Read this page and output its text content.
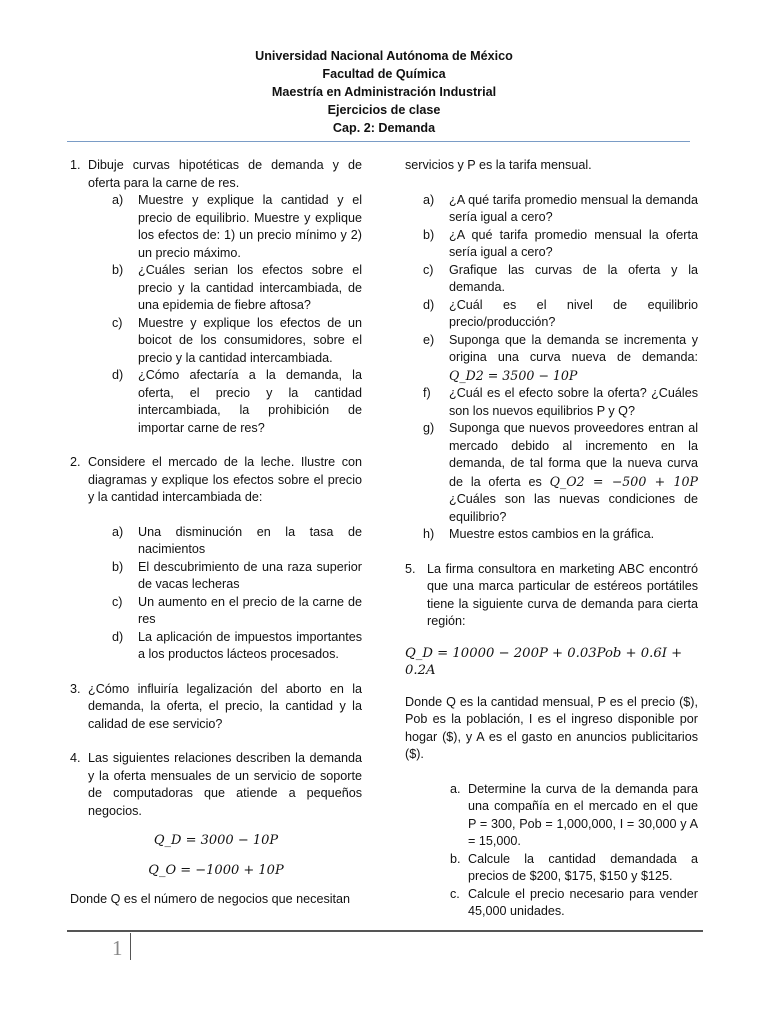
Universidad Nacional Autónoma de México
Facultad de Química
Maestría en Administración Industrial
Ejercicios de clase
Cap. 2: Demanda
1. Dibuje curvas hipotéticas de demanda y de oferta para la carne de res.
a)	Muestre y explique la cantidad y el precio de equilibrio. Muestre y explique los efectos de: 1) un precio mínimo y 2) un precio máximo.
b)	¿Cuáles serian los efectos sobre el precio y la cantidad intercambiada, de una epidemia de fiebre aftosa?
c)	Muestre y explique los efectos de un boicot de los consumidores, sobre el precio y la cantidad intercambiada.
d)	¿Cómo afectaría a la demanda, la oferta, el precio y la cantidad intercambiada, la prohibición de importar carne de res?
2. Considere el mercado de la leche. Ilustre con diagramas y explique los efectos sobre el precio y la cantidad intercambiada de:
a)	Una disminución en la tasa de nacimientos
b)	El descubrimiento de una raza superior de vacas lecheras
c)	Un aumento en el precio de la carne de res
d)	La aplicación de impuestos importantes a los productos lácteos procesados.
3. ¿Cómo influiría legalización del aborto en la demanda, la oferta, el precio, la cantidad y la calidad de ese servicio?
4. Las siguientes relaciones describen la demanda y la oferta mensuales de un servicio de soporte de computadoras que atiende a pequeños negocios.
Q_D = 3000 − 10P
Q_O = −1000 + 10P
Donde Q es el número de negocios que necesitan
servicios y P es la tarifa mensual.
a)	¿A qué tarifa promedio mensual la demanda sería igual a cero?
b)	¿A qué tarifa promedio mensual la oferta sería igual a cero?
c)	Grafique las curvas de la oferta y la demanda.
d)	¿Cuál es el nivel de equilibrio precio/producción?
e)	Suponga que la demanda se incrementa y origina una curva nueva de demanda: Q_D2 = 3500 − 10P
f)	¿Cuál es el efecto sobre la oferta? ¿Cuáles son los nuevos equilibrios P y Q?
g)	Suponga que nuevos proveedores entran al mercado debido al incremento en la demanda, de tal forma que la nueva curva de la oferta es Q_O2 = −500 + 10P ¿Cuáles son las nuevas condiciones de equilibrio?
h)	Muestre estos cambios en la gráfica.
5. La firma consultora en marketing ABC encontró que una marca particular de estéreos portátiles tiene la siguiente curva de demanda para cierta región:
Q_D = 10000 − 200P + 0.03Pob + 0.6I + 0.2A
Donde Q es la cantidad mensual, P es el precio ($), Pob es la población, I es el ingreso disponible por hogar ($), y A es el gasto en anuncios publicitarios ($).
a. Determine la curva de la demanda para una compañía en el mercado en el que P = 300, Pob = 1,000,000, I = 30,000 y A = 15,000.
b. Calcule la cantidad demandada a precios de $200, $175, $150 y $125.
c. Calcule el precio necesario para vender 45,000 unidades.
1
